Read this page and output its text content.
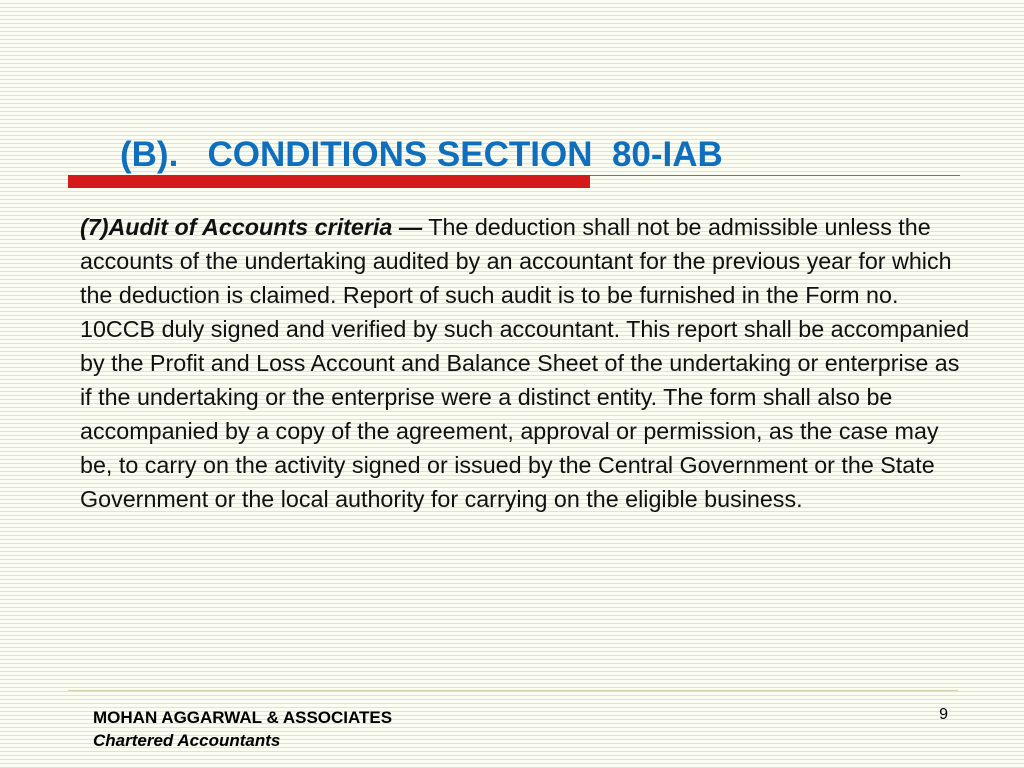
(B).   CONDITIONS SECTION  80-IAB

(7)Audit of Accounts criteria — The deduction shall not be admissible unless the accounts of the undertaking audited by an accountant for the previous year for which the deduction is claimed. Report of such audit is to be furnished in the Form no. 10CCB duly signed and verified by such accountant. This report shall be accompanied by the Profit and Loss Account and Balance Sheet of the undertaking or enterprise as if the undertaking or the enterprise were a distinct entity. The form shall also be accompanied by a copy of the agreement, approval or permission, as the case may be, to carry on the activity signed or issued by the Central Government or the State Government or the local authority for carrying on the eligible business.

MOHAN AGGARWAL & ASSOCIATES

Chartered Accountants

9
